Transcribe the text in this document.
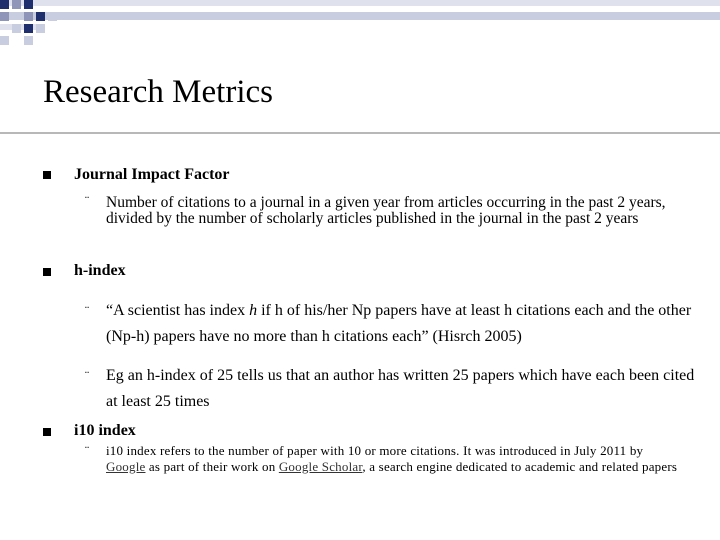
Research Metrics
Journal Impact Factor
¨ Number of citations to a journal in a given year from articles occurring in the past 2 years, divided by the number of scholarly articles published in the journal in the past 2 years
h-index
¨ “A scientist has index h if h of his/her Np papers have at least h citations each and the other (Np-h) papers have no more than h citations each” (Hisrch 2005)
¨ Eg an h-index of 25 tells us that an author has written 25 papers which have each been cited at least 25 times
i10 index
¨ i10 index refers to the number of paper with 10 or more citations. It was introduced in July 2011 by Google as part of their work on Google Scholar, a search engine dedicated to academic and related papers
